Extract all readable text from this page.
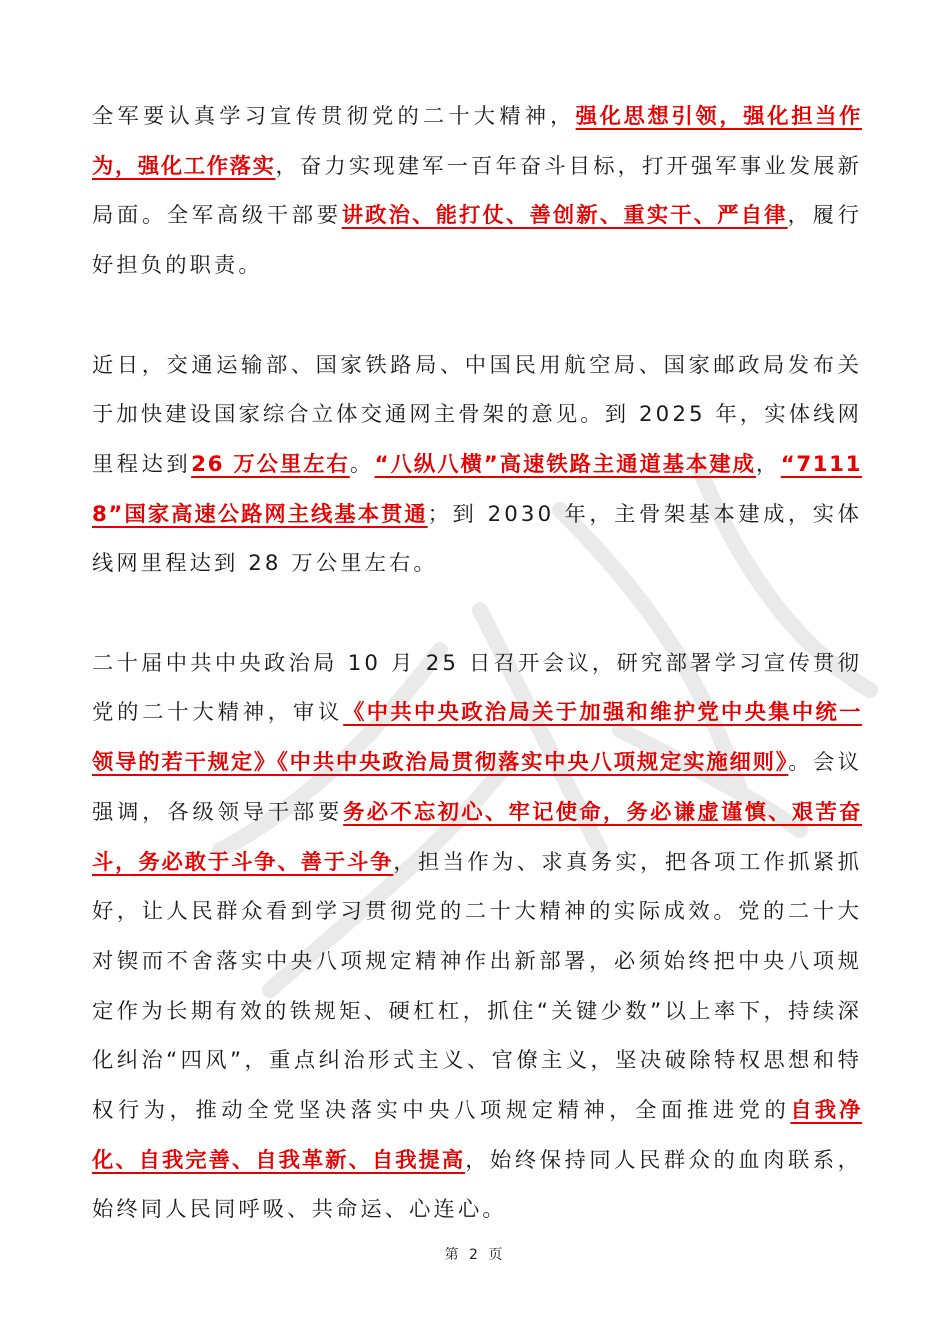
全军要认真学习宣传贯彻党的二十大精神，强化思想引领，强化担当作为，强化工作落实，奋力实现建军一百年奋斗目标，打开强军事业发展新局面。全军高级干部要讲政治、能打仗、善创新、重实干、严自律，履行好担负的职责。

近日，交通运输部、国家铁路局、中国民用航空局、国家邮政局发布关于加快建设国家综合立体交通网主骨架的意见。到 2025 年，实体线网里程达到26 万公里左右。“八纵八横”高速铁路主通道基本建成，“71118”国家高速公路网主线基本贯通；到 2030 年，主骨架基本建成，实体线网里程达到 28 万公里左右。

二十届中共中央政治局 10 月 25 日召开会议，研究部署学习宣传贯彻党的二十大精神，审议《中共中央政治局关于加强和维护党中央集中统一领导的若干规定》《中共中央政治局贯彻落实中央八项规定实施细则》。会议强调，各级领导干部要务必不忘初心、牢记使命，务必谦虚谨慎、艰苦奋斗，务必敢于斗争、善于斗争，担当作为、求真务实，把各项工作抓紧抓好，让人民群众看到学习贯彻党的二十大精神的实际成效。党的二十大对锲而不舍落实中央八项规定精神作出新部署，必须始终把中央八项规定作为长期有效的铁规矩、硬杠杠，抓住“关键少数”以上率下，持续深化纠治“四风”，重点纠治形式主义、官僚主义，坚决破除特权思想和特权行为，推动全党坚决落实中央八项规定精神，全面推进党的自我净化、自我完善、自我革新、自我提高，始终保持同人民群众的血肉联系，始终同人民同呼吸、共命运、心连心。

第 2 页
